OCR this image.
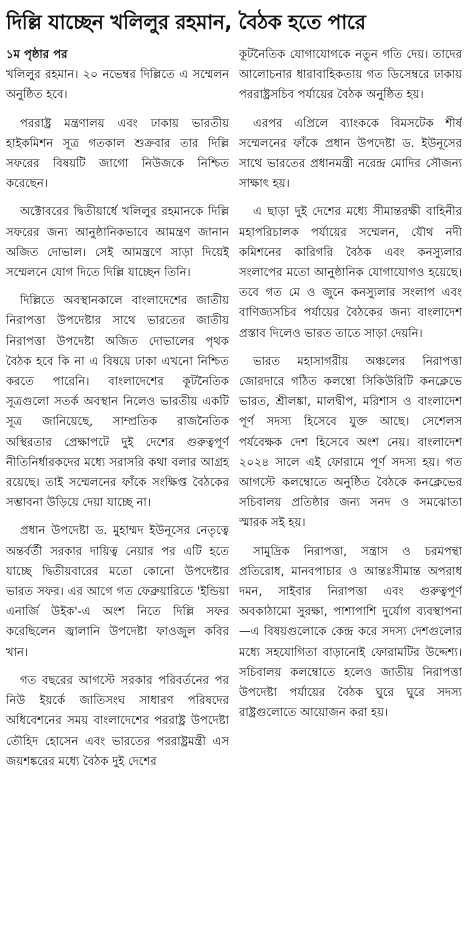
দিল্লি যাচ্ছেন খলিলুর রহমান, বৈঠক হতে পারে
১ম পৃষ্ঠার পর

খলিলুর রহমান। ২০ নভেম্বর দিল্লিতে এ সম্মেলন অনুষ্ঠিত হবে।

পররাষ্ট্র মন্ত্রণালয় এবং ঢাকায় ভারতীয় হাইকমিশন সূত্র গতকাল শুক্রবার তার দিল্লি সফরের বিষয়টি জাগো নিউজকে নিশ্চিত করেছেন।

অক্টোবরের দ্বিতীয়ার্ধে খলিলুর রহমানকে দিল্লি সফরের জন্য আনুষ্ঠানিকভাবে আমন্ত্রণ জানান অজিত দোভাল। সেই আমন্ত্রণে সাড়া দিয়েই সম্মেলনে যোগ দিতে দিল্লি যাচ্ছেন তিনি।

দিল্লিতে অবস্থানকালে বাংলাদেশের জাতীয় নিরাপত্তা উপদেষ্টার সাথে ভারতের জাতীয় নিরাপত্তা উপদেষ্টা অজিত দোভালের পৃথক বৈঠক হবে কি না এ বিষয়ে ঢাকা এখনো নিশ্চিত করতে পারেনি। বাংলাদেশের কূটনৈতিক সূত্রগুলো সতর্ক অবস্থান নিলেও ভারতীয় একটি সূত্র জানিয়েছে, সাম্প্রতিক রাজনৈতিক অস্থিরতার প্রেক্ষাপটে দুই দেশের গুরুত্বপূর্ণ নীতিনির্ধারকদের মধ্যে সরাসরি কথা বলার আগ্রহ রয়েছে। তাই সম্মেলনের ফাঁকে সংক্ষিপ্ত বৈঠকের সম্ভাবনা উড়িয়ে দেয়া যাচ্ছে না।

প্রধান উপদেষ্টা ড. মুহাম্মদ ইউনূসের নেতৃত্বে অন্তর্বর্তী সরকার দায়িত্ব নেয়ার পর এটি হতে যাচ্ছে দ্বিতীয়বারের মতো কোনো উপদেষ্টার ভারত সফর। এর আগে গত ফেব্রুয়ারিতে 'ইন্ডিয়া এনার্জি উইক'-এ অংশ নিতে দিল্লি সফর করেছিলেন জ্বালানি উপদেষ্টা ফাওজুল কবির খান।

গত বছরের আগস্টে সরকার পরিবর্তনের পর নিউ ইয়র্কে জাতিসংঘ সাধারণ পরিষদের অধিবেশনের সময় বাংলাদেশের পররাষ্ট্র উপদেষ্টা তৌহিদ হোসেন এবং ভারতের পররাষ্ট্রমন্ত্রী এস জয়শঙ্করের মধ্যে বৈঠক দুই দেশের

কূটনৈতিক যোগাযোগকে নতুন গতি দেয়। তাদের আলোচনার ধারাবাহিকতায় গত ডিসেম্বরে ঢাকায় পররাষ্ট্রসচিব পর্যায়ের বৈঠক অনুষ্ঠিত হয়।

এরপর এপ্রিলে ব্যাংককে বিমসটেক শীর্ষ সম্মেলনের ফাঁকে প্রধান উপদেষ্টা ড. ইউনূসের সাথে ভারতের প্রধানমন্ত্রী নরেন্দ্র মোদির সৌজন্য সাক্ষাৎ হয়।

এ ছাড়া দুই দেশের মধ্যে সীমান্তরক্ষী বাহিনীর মহাপরিচালক পর্যায়ের সম্মেলন, যৌথ নদী কমিশনের কারিগরি বৈঠক এবং কনস্যুলার সংলাপের মতো আনুষ্ঠানিক যোগাযোগও হয়েছে। তবে গত মে ও জুনে কনস্যুলার সংলাপ এবং বাণিজ্যসচিব পর্যায়ের বৈঠকের জন্য বাংলাদেশ প্রস্তাব দিলেও ভারত তাতে সাড়া দেয়নি।

ভারত মহাসাগরীয় অঞ্চলের নিরাপত্তা জোরদারে গঠিত কলম্বো সিকিউরিটি কনক্লেভে ভারত, শ্রীলঙ্কা, মালদ্বীপ, মরিশাস ও বাংলাদেশ পূর্ণ সদস্য হিসেবে যুক্ত আছে। সেশেলস পর্যবেক্ষক দেশ হিসেবে অংশ নেয়। বাংলাদেশ ২০২৪ সালে এই ফোরামে পূর্ণ সদস্য হয়। গত আগস্টে কলম্বোতে অনুষ্ঠিত বৈঠকে কনক্লেভের সচিবালয় প্রতিষ্ঠার জন্য সনদ ও সমঝোতা স্মারক সই হয়।

সামুদ্রিক নিরাপত্তা, সন্ত্রাস ও চরমপন্থা প্রতিরোধ, মানবপাচার ও আন্তঃসীমান্ত অপরাধ দমন, সাইবার নিরাপত্তা এবং গুরুত্বপূর্ণ অবকাঠামো সুরক্ষা, পাশাপাশি দুর্যোগ ব্যবস্থাপনা—এ বিষয়গুলোকে কেন্দ্র করে সদস্য দেশগুলোর মধ্যে সহযোগিতা বাড়ানোই ফোরামটির উদ্দেশ্য। সচিবালয় কলম্বোতে হলেও জাতীয় নিরাপত্তা উপদেষ্টা পর্যায়ের বৈঠক ঘুরে ঘুরে সদস্য রাষ্ট্রগুলোতে আয়োজন করা হয়।
